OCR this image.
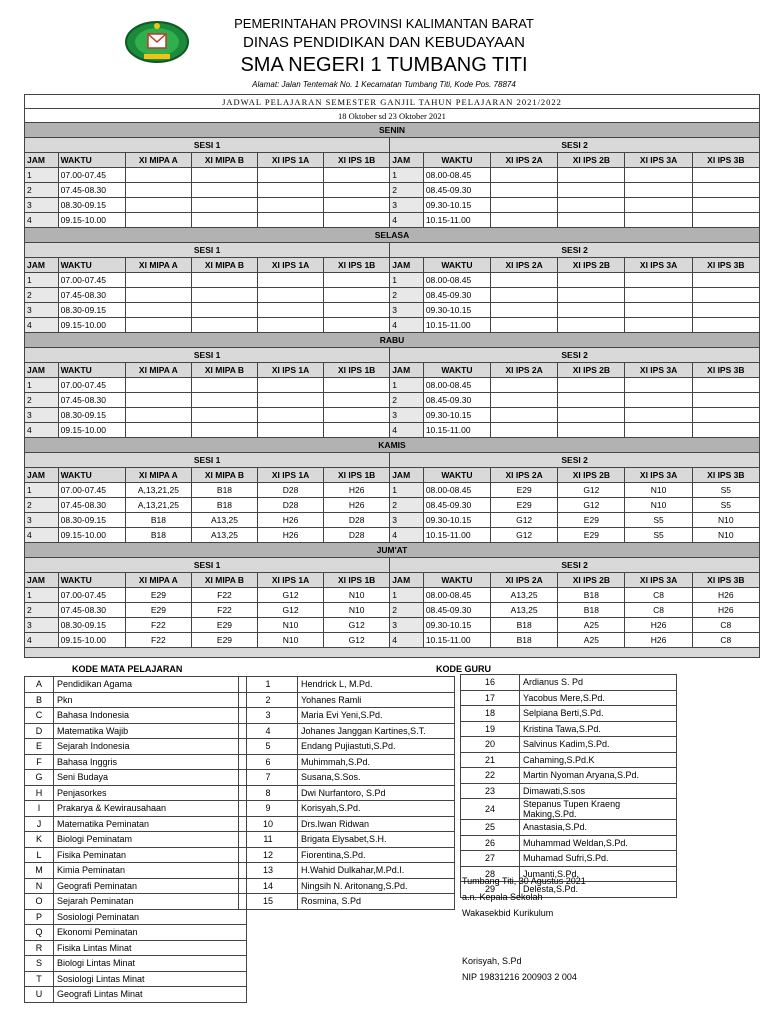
PEMERINTAHAN PROVINSI KALIMANTAN BARAT
DINAS PENDIDIKAN DAN KEBUDAYAAN
SMA NEGERI 1 TUMBANG TITI
Alamat: Jalan Tentemak No. 1 Kecamatan Tumbang Titi, Kode Pos. 78874
JADWAL PELAJARAN SEMESTER GANJIL TAHUN PELAJARAN 2021/2022											
18 Oktober sd 23 Oktober 2021											
SENIN											
SESI 1						SESI 2					
JAM	WAKTU	XI MIPA A	XI MIPA B	XI IPS 1A	XI IPS 1B	JAM	WAKTU	XI IPS 2A	XI IPS 2B	XI IPS 3A	XI IPS 3B
1	07.00-07.45					1	08.00-08.45				
2	07.45-08.30					2	08.45-09.30				
3	08.30-09.15					3	09.30-10.15				
4	09.15-10.00					4	10.15-11.00				
SELASA											
SESI 1						SESI 2					
JAM	WAKTU	XI MIPA A	XI MIPA B	XI IPS 1A	XI IPS 1B	JAM	WAKTU	XI IPS 2A	XI IPS 2B	XI IPS 3A	XI IPS 3B
1	07.00-07.45					1	08.00-08.45				
2	07.45-08.30					2	08.45-09.30				
3	08.30-09.15					3	09.30-10.15				
4	09.15-10.00					4	10.15-11.00				
RABU											
SESI 1						SESI 2					
JAM	WAKTU	XI MIPA A	XI MIPA B	XI IPS 1A	XI IPS 1B	JAM	WAKTU	XI IPS 2A	XI IPS 2B	XI IPS 3A	XI IPS 3B
1	07.00-07.45					1	08.00-08.45				
2	07.45-08.30					2	08.45-09.30				
3	08.30-09.15					3	09.30-10.15				
4	09.15-10.00					4	10.15-11.00				
KAMIS											
SESI 1						SESI 2					
JAM	WAKTU	XI MIPA A	XI MIPA B	XI IPS 1A	XI IPS 1B	JAM	WAKTU	XI IPS 2A	XI IPS 2B	XI IPS 3A	XI IPS 3B
1	07.00-07.45	A,13,21,25	B18	D28	H26	1	08.00-08.45	E29	G12	N10	S5
2	07.45-08.30	A,13,21,25	B18	D28	H26	2	08.45-09.30	E29	G12	N10	S5
3	08.30-09.15	B18	A13,25	H26	D28	3	09.30-10.15	G12	E29	S5	N10
4	09.15-10.00	B18	A13,25	H26	D28	4	10.15-11.00	G12	E29	S5	N10
JUM'AT											
SESI 1						SESI 2					
JAM	WAKTU	XI MIPA A	XI MIPA B	XI IPS 1A	XI IPS 1B	JAM	WAKTU	XI IPS 2A	XI IPS 2B	XI IPS 3A	XI IPS 3B
1	07.00-07.45	E29	F22	G12	N10	1	08.00-08.45	A13,25	B18	C8	H26
2	07.45-08.30	E29	F22	G12	N10	2	08.45-09.30	A13,25	B18	C8	H26
3	08.30-09.15	F22	E29	N10	G12	3	09.30-10.15	B18	A25	H26	C8
4	09.15-10.00	F22	E29	N10	G12	4	10.15-11.00	B18	A25	H26	C8

KODE MATA PELAJARAN	KODE GURU
A	Pendidikan Agama
B	Pkn
C	Bahasa Indonesia
D	Matematika Wajib
E	Sejarah Indonesia
F	Bahasa Inggris
G	Seni Budaya
H	Penjasorkes
I	Prakarya & Kewirausahaan
J	Matematika Peminatan
K	Biologi Peminatam
L	Fisika Peminatan
M	Kimia Peminatan
N	Geografi Peminatan
O	Sejarah Peminatan
P	Sosiologi Peminatan
Q	Ekonomi Peminatan
R	Fisika Lintas Minat
S	Biologi Lintas Minat
T	Sosiologi Lintas Minat
U	Geografi Lintas Minat
1	Hendrick L, M.Pd.
2	Yohanes Ramli
3	Maria Evi Yeni,S.Pd.
4	Johanes Janggan Kartines,S.T.
5	Endang Pujiastuti,S.Pd.
6	Muhimmah,S.Pd.
7	Susana,S.Sos.
8	Dwi Nurfantoro, S.Pd
9	Korisyah,S.Pd.
10	Drs.Iwan Ridwan
11	Brigata Elysabet,S.H.
12	Fiorentina,S.Pd.
13	H.Wahid Dulkahar,M.Pd.I.
14	Ningsih N. Aritonang,S.Pd.
15	Rosmina, S.Pd
16	Ardianus S. Pd
17	Yacobus Mere,S.Pd.
18	Selpiana Berti,S.Pd.
19	Kristina Tawa,S.Pd.
20	Salvinus Kadim,S.Pd.
21	Cahaming,S.Pd.K
22	Martin Nyoman Aryana,S.Pd.
23	Dimawati,S.sos
24	Stepanus Tupen Kraeng Making,S.Pd.
25	Anastasia,S.Pd.
26	Muhammad Weldan,S.Pd.
27	Muhamad Sufri,S.Pd.
28	Jumanti,S.Pd.
29	Delesta,S.Pd.
Tumbang Titi, 30 Agustus 2021
a.n. Kepala Sekolah
Wakasekbid Kurikulum
Korisyah, S.Pd
NIP 19831216 200903 2 004
